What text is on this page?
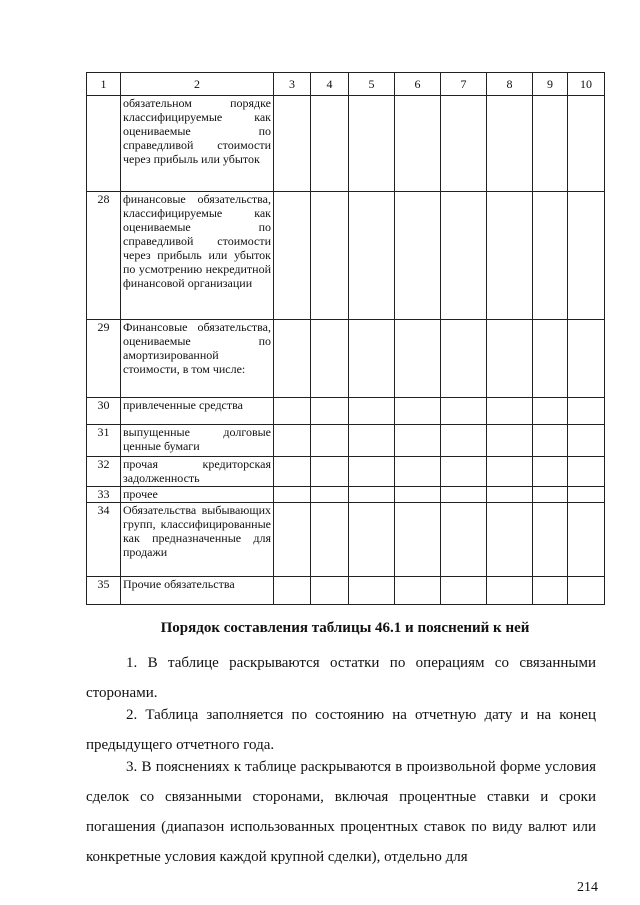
1	2	3	4	5	6	7	8	9	10
	обязательном порядке классифицируемые как оцениваемые по справедливой стоимости через прибыль или убыток								
28	финансовые обязательства, классифицируемые как оцениваемые по справедливой стоимости через прибыль или убыток по усмотрению некредитной финансовой организации								
29	Финансовые обязательства, оцениваемые по амортизированной стоимости, в том числе:								
30	привлеченные средства								
31	выпущенные долговые ценные бумаги								
32	прочая кредиторская задолженность								
33	прочее								
34	Обязательства выбывающих групп, классифицированные как предназначенные для продажи								
35	Прочие обязательства								
Порядок составления таблицы 46.1 и пояснений к ней

1. В таблице раскрываются остатки по операциям со связанными сторонами.

2. Таблица заполняется по состоянию на отчетную дату и на конец предыдущего отчетного года.

3. В пояснениях к таблице раскрываются в произвольной форме условия сделок со связанными сторонами, включая процентные ставки и сроки погашения (диапазон использованных процентных ставок по виду валют или конкретные условия каждой крупной сделки), отдельно для

214
